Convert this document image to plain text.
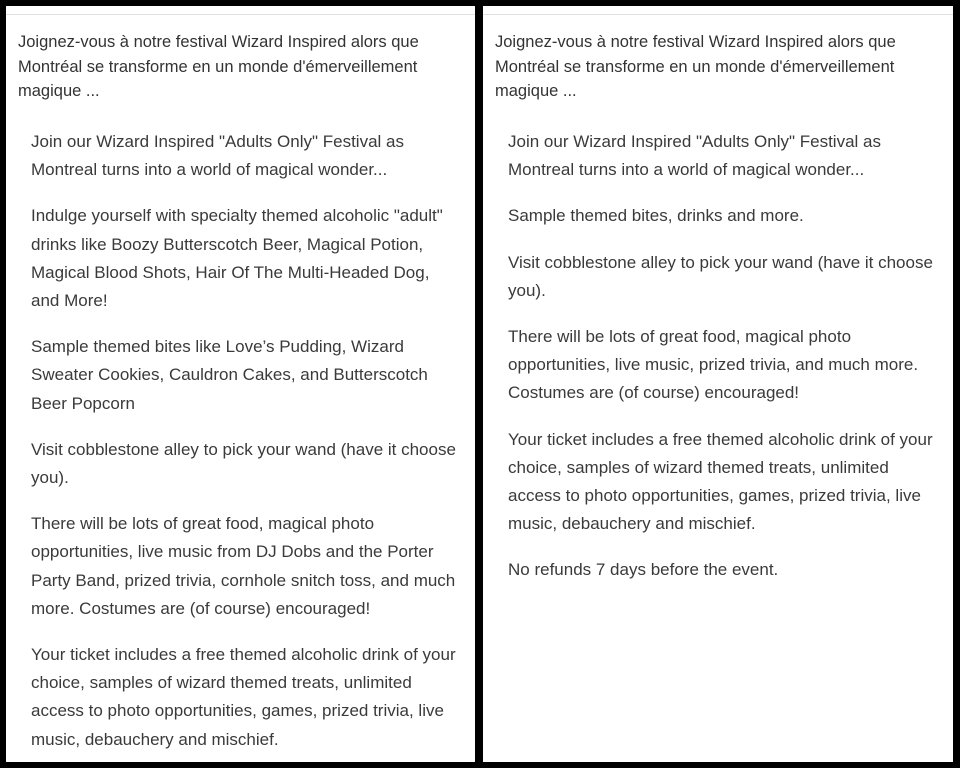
Joignez-vous à notre festival Wizard Inspired alors que Montréal se transforme en un monde d'émerveillement magique ...

Join our Wizard Inspired "Adults Only" Festival as Montreal turns into a world of magical wonder...

Indulge yourself with specialty themed alcoholic "adult" drinks like Boozy Butterscotch Beer, Magical Potion, Magical Blood Shots, Hair Of The Multi-Headed Dog, and More!

Sample themed bites like Love’s Pudding, Wizard Sweater Cookies, Cauldron Cakes, and Butterscotch Beer Popcorn

Visit cobblestone alley to pick your wand (have it choose you).

There will be lots of great food, magical photo opportunities, live music from DJ Dobs and the Porter Party Band, prized trivia, cornhole snitch toss, and much more. Costumes are (of course) encouraged!

Your ticket includes a free themed alcoholic drink of your choice, samples of wizard themed treats, unlimited access to photo opportunities, games, prized trivia, live music, debauchery and mischief.

Joignez-vous à notre festival Wizard Inspired alors que Montréal se transforme en un monde d'émerveillement magique ...

Join our Wizard Inspired "Adults Only" Festival as Montreal turns into a world of magical wonder...

Sample themed bites, drinks and more.

Visit cobblestone alley to pick your wand (have it choose you).

There will be lots of great food, magical photo opportunities, live music, prized trivia, and much more. Costumes are (of course) encouraged!

Your ticket includes a free themed alcoholic drink of your choice, samples of wizard themed treats, unlimited access to photo opportunities, games, prized trivia, live music, debauchery and mischief.

No refunds 7 days before the event.
